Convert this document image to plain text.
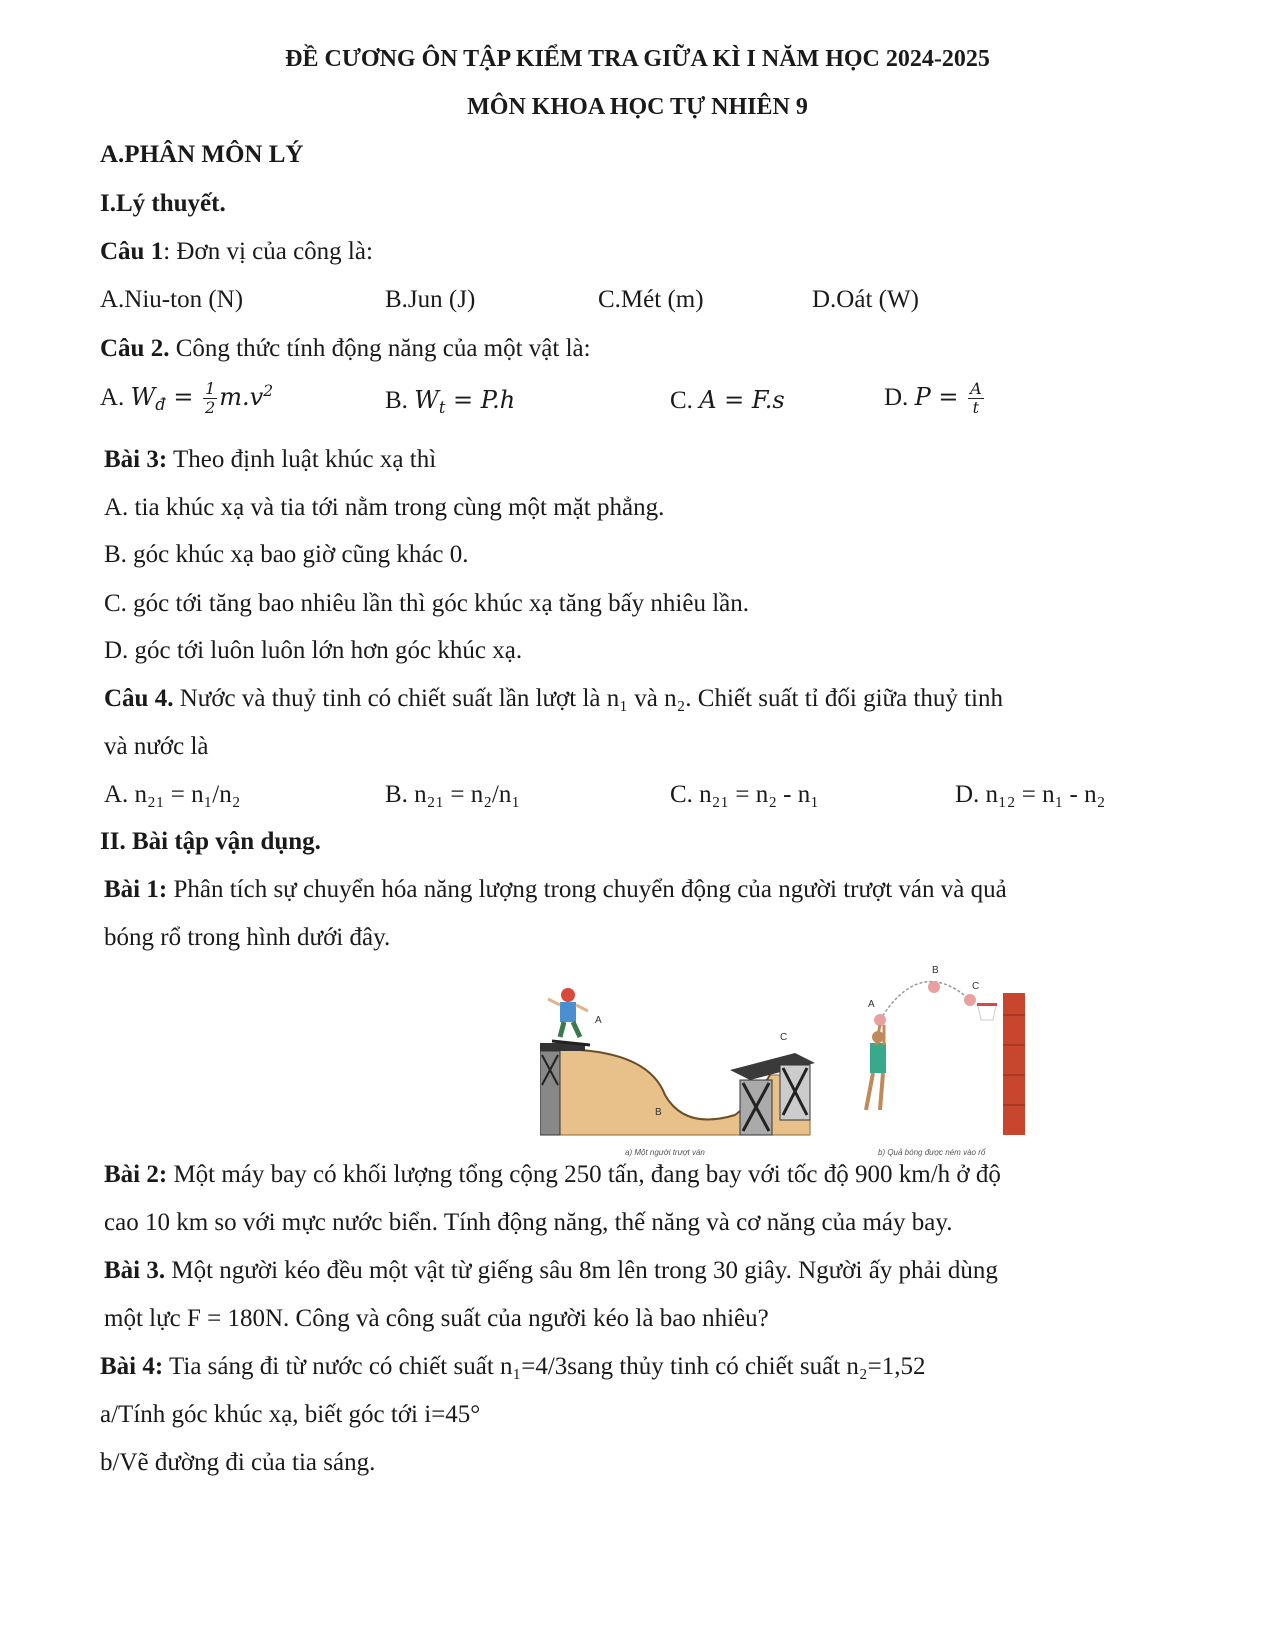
ĐỀ CƯƠNG ÔN TẬP KIỂM TRA GIỮA KÌ I NĂM HỌC 2024-2025
MÔN KHOA HỌC TỰ NHIÊN 9
A.PHÂN MÔN LÝ
I.Lý thuyết.
Câu 1: Đơn vị của công là:
A.Niu-ton (N)	B.Jun (J)	C.Mét (m)	D.Oát (W)
Câu 2. Công thức tính động năng của một vật là:
A. $W_đ = \frac{1}{2} m.v^2$	B. $W_t = P.h$	C. A = F.s	D. $P = \frac{A}{t}$
Bài 3: Theo định luật khúc xạ thì
A. tia khúc xạ và tia tới nằm trong cùng một mặt phẳng.
B. góc khúc xạ bao giờ cũng khác 0.
C. góc tới tăng bao nhiêu lần thì góc khúc xạ tăng bấy nhiêu lần.
D. góc tới luôn luôn lớn hơn góc khúc xạ.
Câu 4. Nước và thuỷ tinh có chiết suất lần lượt là n₁ và n₂. Chiết suất tỉ đối giữa thuỷ tinh
và nước là
A. n₂₁ = n₁/n₂	B. n₂₁ = n₂/n₁	C. n₂₁ = n₂ - n₁	D. n₁₂ = n₁ - n₂
II. Bài tập vận dụng.
Bài 1: Phân tích sự chuyển hóa năng lượng trong chuyển động của người trượt ván và quả
bóng rổ trong hình dưới đây.
A
B
C
a) Một người trượt ván
A
B
C
b) Quả bóng được ném vào rổ
Bài 2: Một máy bay có khối lượng tổng cộng 250 tấn, đang bay với tốc độ 900 km/h ở độ
cao 10 km so với mực nước biển. Tính động năng, thế năng và cơ năng của máy bay.
Bài 3. Một người kéo đều một vật từ giếng sâu 8m lên trong 30 giây. Người ấy phải dùng
một lực F = 180N. Công và công suất của người kéo là bao nhiêu?
Bài 4: Tia sáng đi từ nước có chiết suất n₁=4/3sang thủy tinh có chiết suất n₂=1,52
a/Tính góc khúc xạ, biết góc tới i=45°
b/Vẽ đường đi của tia sáng.
